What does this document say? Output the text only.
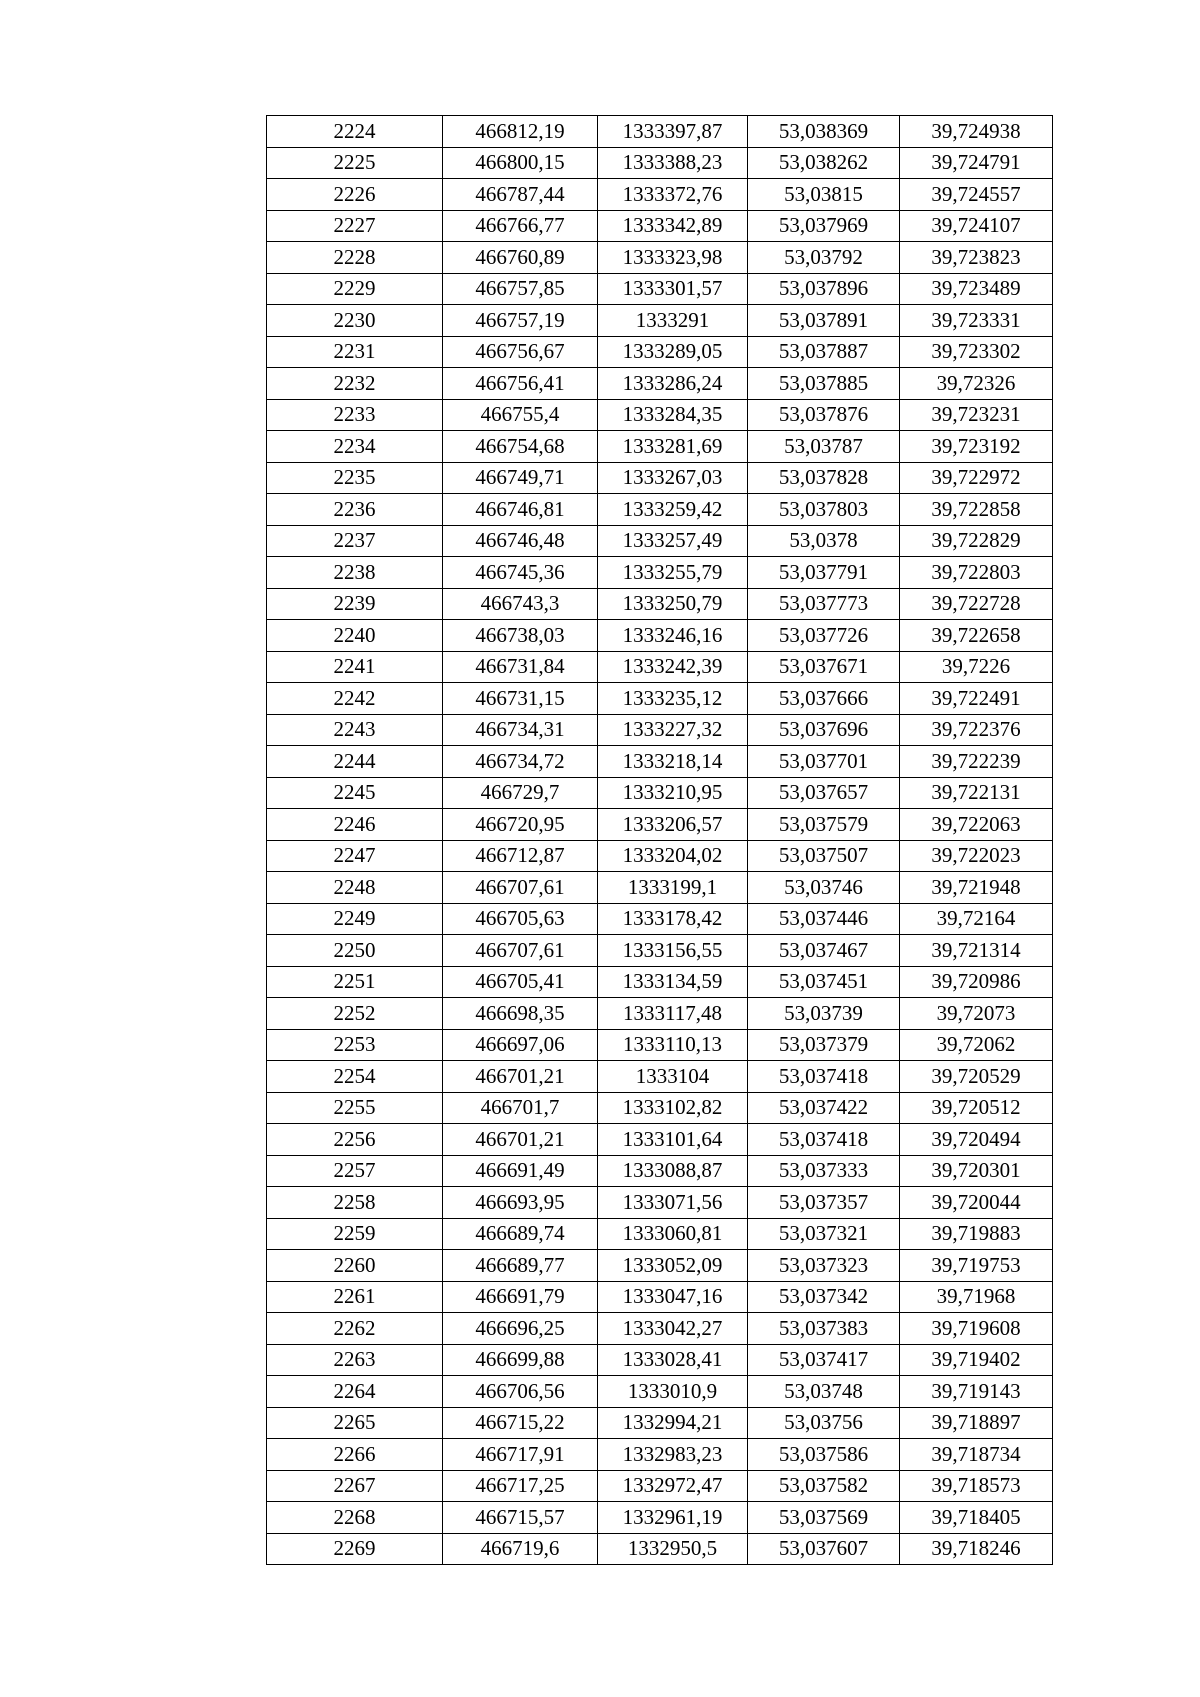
2224	466812,19	1333397,87	53,038369	39,724938
2225	466800,15	1333388,23	53,038262	39,724791
2226	466787,44	1333372,76	53,03815	39,724557
2227	466766,77	1333342,89	53,037969	39,724107
2228	466760,89	1333323,98	53,03792	39,723823
2229	466757,85	1333301,57	53,037896	39,723489
2230	466757,19	1333291	53,037891	39,723331
2231	466756,67	1333289,05	53,037887	39,723302
2232	466756,41	1333286,24	53,037885	39,72326
2233	466755,4	1333284,35	53,037876	39,723231
2234	466754,68	1333281,69	53,03787	39,723192
2235	466749,71	1333267,03	53,037828	39,722972
2236	466746,81	1333259,42	53,037803	39,722858
2237	466746,48	1333257,49	53,0378	39,722829
2238	466745,36	1333255,79	53,037791	39,722803
2239	466743,3	1333250,79	53,037773	39,722728
2240	466738,03	1333246,16	53,037726	39,722658
2241	466731,84	1333242,39	53,037671	39,7226
2242	466731,15	1333235,12	53,037666	39,722491
2243	466734,31	1333227,32	53,037696	39,722376
2244	466734,72	1333218,14	53,037701	39,722239
2245	466729,7	1333210,95	53,037657	39,722131
2246	466720,95	1333206,57	53,037579	39,722063
2247	466712,87	1333204,02	53,037507	39,722023
2248	466707,61	1333199,1	53,03746	39,721948
2249	466705,63	1333178,42	53,037446	39,72164
2250	466707,61	1333156,55	53,037467	39,721314
2251	466705,41	1333134,59	53,037451	39,720986
2252	466698,35	1333117,48	53,03739	39,72073
2253	466697,06	1333110,13	53,037379	39,72062
2254	466701,21	1333104	53,037418	39,720529
2255	466701,7	1333102,82	53,037422	39,720512
2256	466701,21	1333101,64	53,037418	39,720494
2257	466691,49	1333088,87	53,037333	39,720301
2258	466693,95	1333071,56	53,037357	39,720044
2259	466689,74	1333060,81	53,037321	39,719883
2260	466689,77	1333052,09	53,037323	39,719753
2261	466691,79	1333047,16	53,037342	39,71968
2262	466696,25	1333042,27	53,037383	39,719608
2263	466699,88	1333028,41	53,037417	39,719402
2264	466706,56	1333010,9	53,03748	39,719143
2265	466715,22	1332994,21	53,03756	39,718897
2266	466717,91	1332983,23	53,037586	39,718734
2267	466717,25	1332972,47	53,037582	39,718573
2268	466715,57	1332961,19	53,037569	39,718405
2269	466719,6	1332950,5	53,037607	39,718246
